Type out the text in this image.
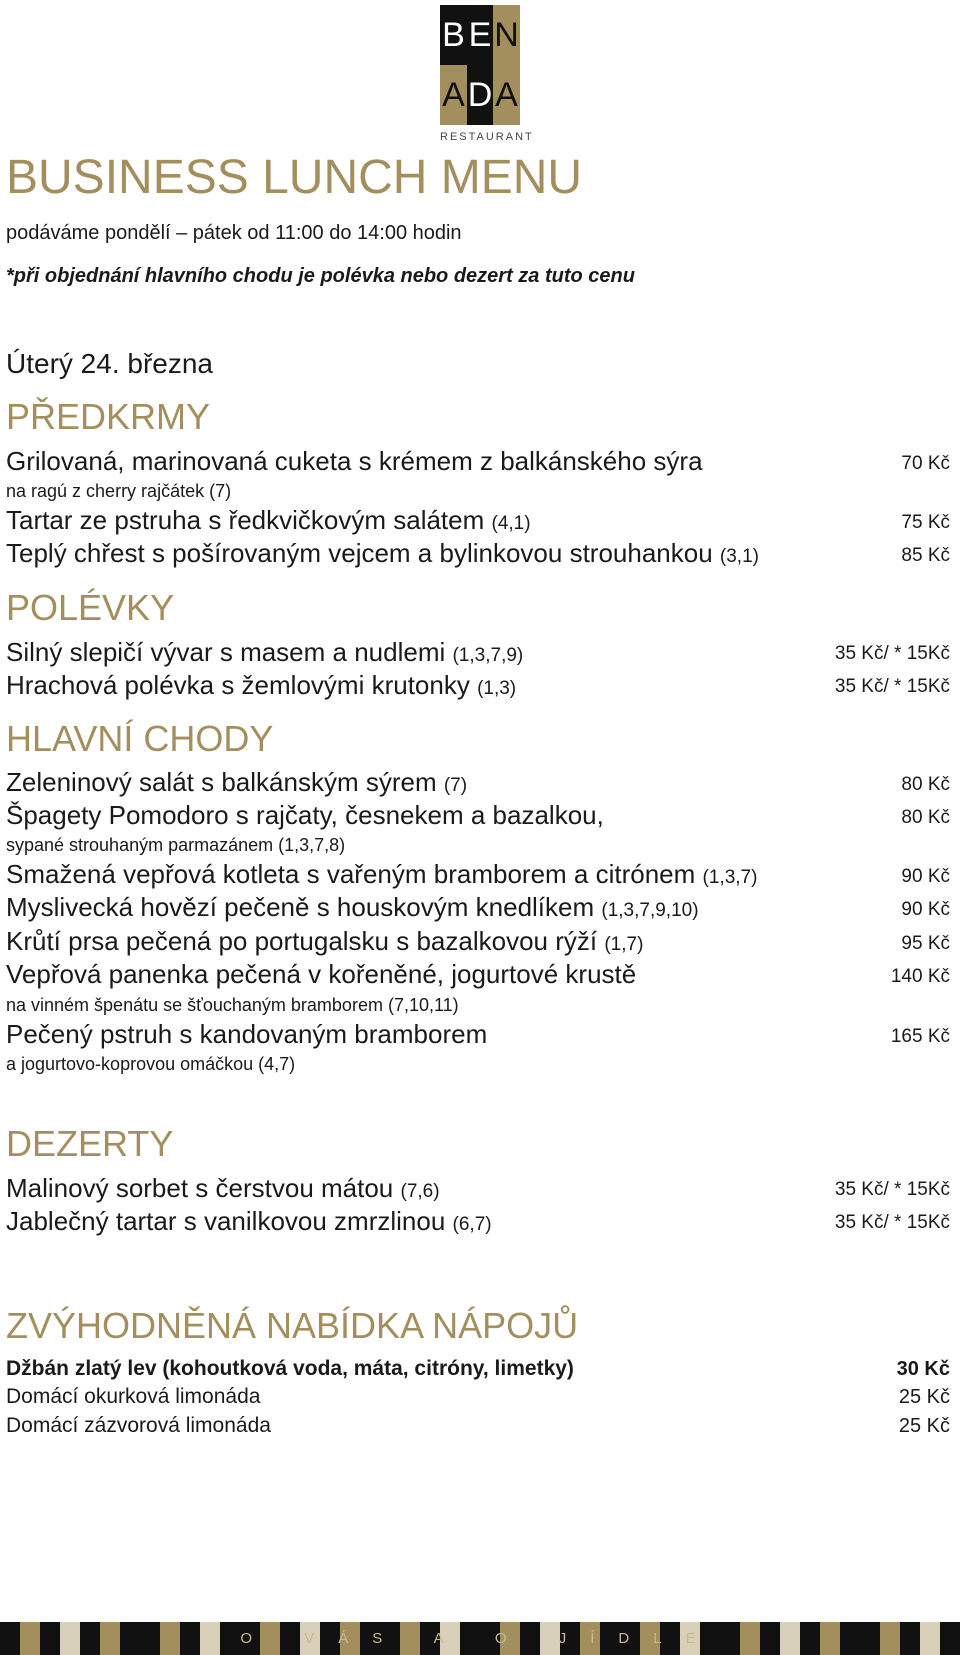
B E N
A D A
RESTAURANT
BUSINESS LUNCH MENU
podáváme pondělí – pátek od 11:00 do 14:00 hodin
*při objednání hlavního chodu je polévka nebo dezert za tuto cenu
Úterý 24. března
PŘEDKRMY
Grilovaná, marinovaná cuketa s krémem z balkánského sýra	70 Kč
na ragú z cherry rajčátek (7)
Tartar ze pstruha s ředkvičkovým salátem (4,1)	75 Kč
Teplý chřest s pošírovaným vejcem a bylinkovou strouhankou (3,1)	85 Kč
POLÉVKY
Silný slepičí vývar s masem a nudlemi (1,3,7,9)	35 Kč/ * 15Kč
Hrachová polévka s žemlovými krutonky (1,3)	35 Kč/ * 15Kč
HLAVNÍ CHODY
Zeleninový salát s balkánským sýrem (7)	80 Kč
Špagety Pomodoro s rajčaty, česnekem a bazalkou,	80 Kč
sypané strouhaným parmazánem (1,3,7,8)
Smažená vepřová kotleta s vařeným bramborem a citrónem (1,3,7)	90 Kč
Myslivecká hovězí pečeně s houskovým knedlíkem (1,3,7,9,10)	90 Kč
Krůtí prsa pečená po portugalsku s bazalkovou rýží (1,7)	95 Kč
Vepřová panenka pečená v kořeněné, jogurtové krustě	140 Kč
na vinném špenátu se šťouchaným bramborem (7,10,11)
Pečený pstruh s kandovaným bramborem	165 Kč
a jogurtovo-koprovou omáčkou (4,7)
DEZERTY
Malinový sorbet s čerstvou mátou (7,6)	35 Kč/ * 15Kč
Jablečný tartar s vanilkovou zmrzlinou (6,7)	35 Kč/ * 15Kč
ZVÝHODNĚNÁ NABÍDKA NÁPOJŮ
Džbán zlatý lev (kohoutková voda, máta, citróny, limetky)	30 Kč
Domácí okurková limonáda	25 Kč
Domácí zázvorová limonáda	25 Kč
O VÁS A O JÍDLE
